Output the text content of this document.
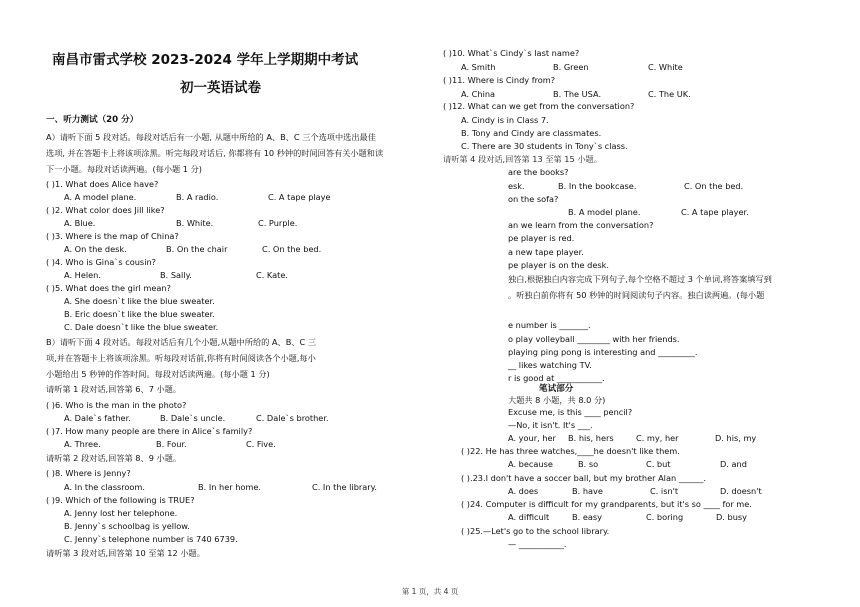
南昌市雷式学校 2023-2024 学年上学期期中考试
初一英语试卷
一、听力测试（20 分）
A）请听下面 5 段对话。每段对话后有一小题, 从题中所给的 A、B、C 三个选项中选出最佳
选项, 并在答题卡上将该项涂黑。听完每段对话后, 你都将有 10 秒钟的时间回答有关小题和读
下一小题。每段对话读两遍。(每小题 1 分)
( )1. What does Alice have?
A. A model plane.	B. A radio.	C. A tape playe
( )2. What color does Jill like?
A. Blue.	B. White.	C. Purple.
( )3. Where is the map of China?
A. On the desk.	B. On the chair	C. On the bed.
( )4. Who is Gina`s cousin?
A. Helen.	B. Sally.	C. Kate.
( )5. What does the girl mean?
A. She doesn`t like the blue sweater.
B. Eric doesn`t like the blue sweater.
C. Dale doesn`t like the blue sweater.
B）请听下面 4 段对话。每段对话后有几个小题,从题中所给的 A、B、C 三
项,并在答题卡上将该项涂黑。听每段对话前,你将有时间阅读各个小题,每小
小题给出 5 秒钟的作答时间。每段对话读两遍。(每小题 1 分)
请听第 1 段对话,回答第 6、7 小题。
( )6. Who is the man in the photo?
A. Dale`s father.	B. Dale`s uncle.	C. Dale`s brother.
( )7. How many people are there in Alice`s family?
A. Three.	B. Four.	C. Five.
请听第 2 段对话,回答第 8、9 小题。
( )8. Where is Jenny?
A. In the classroom.	B. In her home.	C. In the library.
( )9. Which of the following is TRUE?
A. Jenny lost her telephone.
B. Jenny`s schoolbag is yellow.
C. Jenny`s telephone number is 740 6739.
请听第 3 段对话,回答第 10 至第 12 小题。
( )10. What`s Cindy`s last name?
A. Smith	B. Green	C. White
( )11. Where is Cindy from?
A. China	B. The USA.	C. The UK.
( )12. What can we get from the conversation?
A. Cindy is in Class 7.
B. Tony and Cindy are classmates.
C. There are 30 students in Tony`s class.
请听第 4 段对话,回答第 13 至第 15 小题。
are the books?
esk.	B. In the bookcase.	C. On the bed.
on the sofa?
B. A model plane.	C. A tape player.
an we learn from the conversation?
pe player is red.
a new tape player.
pe player is on the desk.
独白,根据独白内容完成下列句子,每个空格不超过 3 个单词,将答案填写到
。听独白前你将有 50 秒钟的时间阅读句子内容。独白读两遍。(每小题
e number is _______.
o play volleyball ________ with her friends.
playing ping pong is interesting and _________.
__ likes watching TV.
r is good at ___________.
笔试部分
大题共 8 小题，共 8.0 分)
Excuse me, is this ____ pencil?
—No, it isn't. It's ___.
A. your, her B. his, hers	C. my, her	D. his, my
( )22. He has three watches,____he doesn't like them.
A. because	B. so	C. but	D. and
( ).23.I don't have a soccer ball, but my brother Alan ______.
A. does	B. have	C. isn't	D. doesn't
( )24. Computer is difficult for my grandparents, but it's so ____ for me.
A. difficult	B. easy	C. boring	D. busy
( )25.—Let's go to the school library.
— ___________.
第 1 页，共 4 页
